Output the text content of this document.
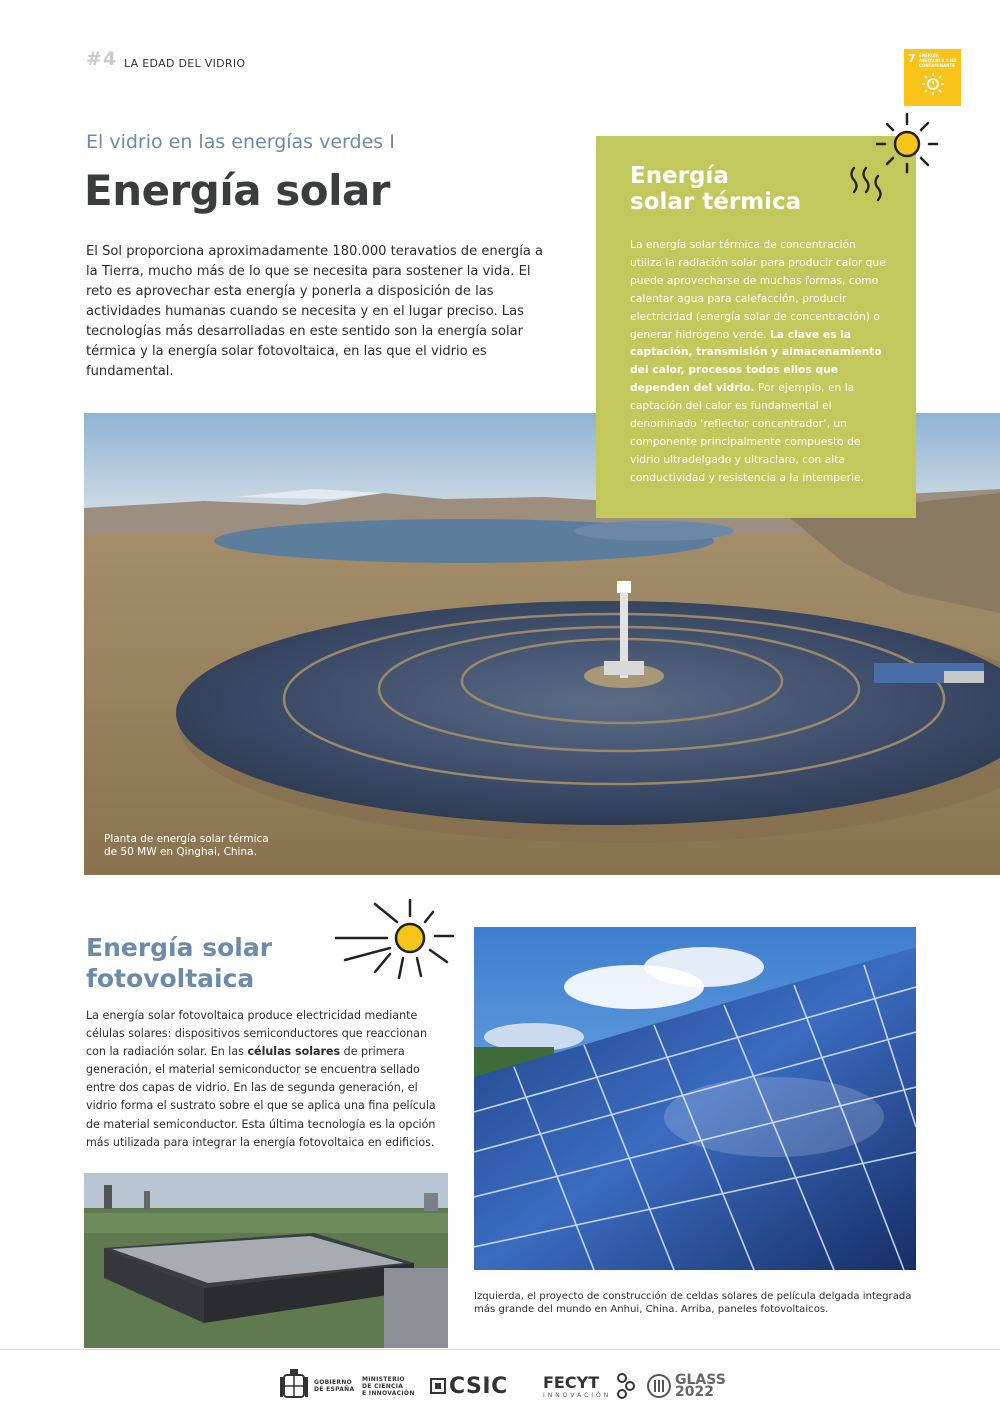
#4 LA EDAD DEL VIDRIO	7 ENERGÍA ASEQUIBLE Y NO CONTAMINANTE
El vidrio en las energías verdes I
Energía solar
El Sol proporciona aproximadamente 180.000 teravatios de energía a la Tierra, mucho más de lo que se necesita para sostener la vida. El reto es aprovechar esta energía y ponerla a disposición de las actividades humanas cuando se necesita y en el lugar preciso. Las tecnologías más desarrolladas en este sentido son la energía solar térmica y la energía solar fotovoltaica, en las que el vidrio es fundamental.
Planta de energía solar térmica
de 50 MW en Qinghai, China.
Energía
solar térmica
La energía solar térmica de concentración utiliza la radiación solar para producir calor que puede aprovecharse de muchas formas, como calentar agua para calefacción, producir electricidad (energía solar de concentración) o generar hidrógeno verde. La clave es la captación, transmisión y almacenamiento del calor, procesos todos ellos que dependen del vidrio. Por ejemplo, en la captación del calor es fundamental el denominado ‘reflector concentrador’, un componente principalmente compuesto de vidrio ultradelgado y ultraclaro, con alta conductividad y resistencia a la intemperie.
Energía solar
fotovoltaica
La energía solar fotovoltaica produce electricidad mediante células solares: dispositivos semiconductores que reaccionan con la radiación solar. En las células solares de primera generación, el material semiconductor se encuentra sellado entre dos capas de vidrio. En las de segunda generación, el vidrio forma el sustrato sobre el que se aplica una fina película de material semiconductor. Esta última tecnología es la opción más utilizada para integrar la energía fotovoltaica en edificios.
Izquierda, el proyecto de construcción de celdas solares de película delgada integrada más grande del mundo en Anhui, China. Arriba, paneles fotovoltaicos.
GOBIERNO
DE ESPAÑA
MINISTERIO
DE CIENCIA
E INNOVACIÓN CSIC FECYT
INNOVACIÓN
GLASS
2022
